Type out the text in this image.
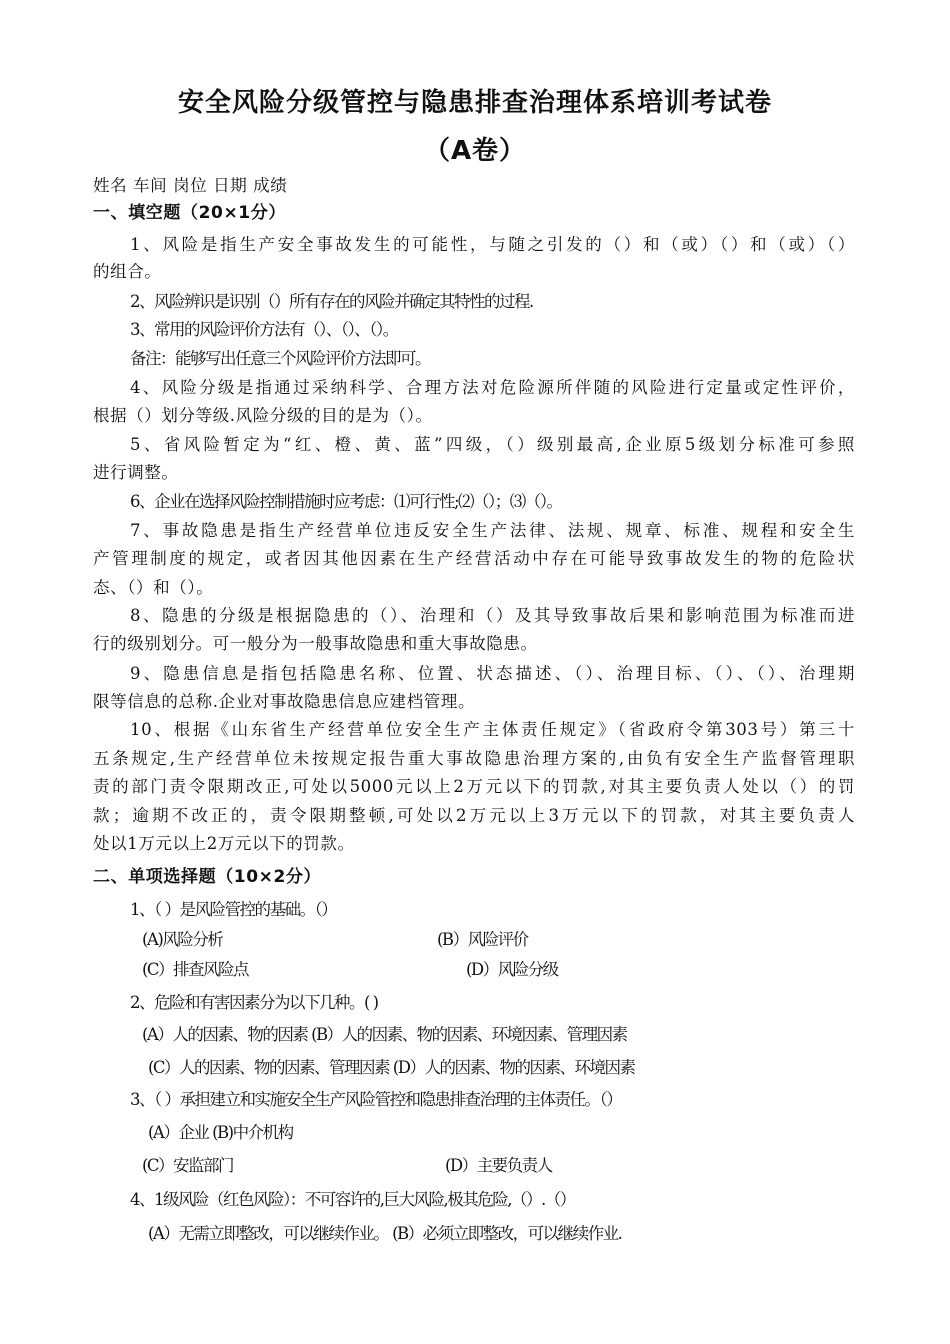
安全风险分级管控与隐患排查治理体系培训考试卷
（A卷）

姓名 车间 岗位 日期 成绩

一、填空题（20×1分）

1、风险是指生产安全事故发生的可能性，与随之引发的（）和（或）（）和（或）（）

的组合。

2、风险辨识是识别（）所有存在的风险并确定其特性的过程.

3、常用的风险评价方法有（）、（）、（）。

备注：能够写出任意三个风险评价方法即可。

4、风险分级是指通过采纳科学、合理方法对危险源所伴随的风险进行定量或定性评价，

根据（）划分等级.风险分级的目的是为（）。

5、省风险暂定为“红、橙、黄、蓝”四级，（）级别最高,企业原5级划分标准可参照

进行调整。

6、企业在选择风险控制措施时应考虑：⑴可行性;⑵（）；⑶（）。

7、事故隐患是指生产经营单位违反安全生产法律、法规、规章、标准、规程和安全生

产管理制度的规定，或者因其他因素在生产经营活动中存在可能导致事故发生的物的危险状

态、（）和（）。

8、隐患的分级是根据隐患的（）、治理和（）及其导致事故后果和影响范围为标准而进

行的级别划分。可一般分为一般事故隐患和重大事故隐患。

9、隐患信息是指包括隐患名称、位置、状态描述、（）、治理目标、（）、（）、治理期

限等信息的总称.企业对事故隐患信息应建档管理。

10、根据《山东省生产经营单位安全生产主体责任规定》（省政府令第303号）第三十

五条规定,生产经营单位未按规定报告重大事故隐患治理方案的,由负有安全生产监督管理职

责的部门责令限期改正,可处以5000元以上2万元以下的罚款,对其主要负责人处以（）的罚

款；逾期不改正的，责令限期整顿,可处以2万元以上3万元以下的罚款，对其主要负责人

处以1万元以上2万元以下的罚款。

二、单项选择题（10×2分）

1、（ ）是风险管控的基础。（）

(A)风险分析	(B）风险评价

(C）排查风险点	(D）风险分级

2、危险和有害因素分为以下几种。( )

(A）人的因素、物的因素 (B）人的因素、物的因素、环境因素、管理因素

(C）人的因素、物的因素、管理因素 (D）人的因素、物的因素、环境因素

3、（ ）承担建立和实施安全生产风险管控和隐患排查治理的主体责任。（）

(A）企业 (B)中介机构

(C）安监部门	(D）主要负责人

4、1级风险（红色风险）：不可容许的,巨大风险,极其危险,（）.（）

(A）无需立即整改，可以继续作业。 (B）必须立即整改，可以继续作业.
